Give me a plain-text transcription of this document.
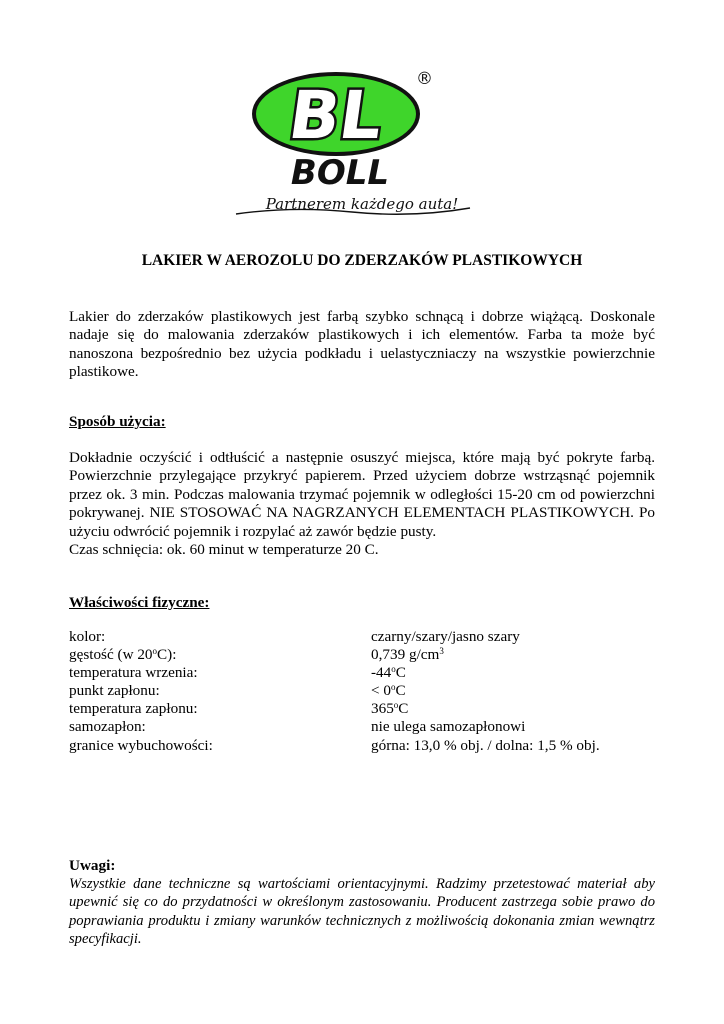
BL ®
BOLL
Partnerem każdego auta!
LAKIER W AEROZOLU DO ZDERZAKÓW PLASTIKOWYCH
Lakier do zderzaków plastikowych jest farbą szybko schnącą i dobrze wiążącą. Doskonale nadaje się do malowania zderzaków plastikowych i ich elementów. Farba ta może być nanoszona bezpośrednio bez użycia podkładu i uelastyczniaczy na wszystkie powierzchnie plastikowe.
Sposób użycia:
Dokładnie oczyścić i odtłuścić a następnie osuszyć miejsca, które mają być pokryte farbą. Powierzchnie przylegające przykryć papierem. Przed użyciem dobrze wstrząsnąć pojemnik przez ok. 3 min. Podczas malowania trzymać pojemnik w odległości 15-20 cm od powierzchni pokrywanej. NIE STOSOWAĆ NA NAGRZANYCH ELEMENTACH PLASTIKOWYCH. Po użyciu odwrócić pojemnik i rozpylać aż zawór będzie pusty.
Czas schnięcia: ok. 60 minut w temperaturze 20 C.
Właściwości fizyczne:
kolor:	czarny/szary/jasno szary
gęstość (w 20$^o$C):	0,739 $g/cm^3$
temperatura wrzenia:	-44$^o$C
punkt zapłonu:	< $0^oC$
temperatura zapłonu:	365$^o$C
samozapłon:	nie ulega samozapłonowi
granice wybuchowości:	górna: 13,0 % obj. / dolna: 1,5 % obj.
Uwagi:
Wszystkie dane techniczne są wartościami orientacyjnymi. Radzimy przetestować materiał aby upewnić się co do przydatności w określonym zastosowaniu. Producent zastrzega sobie prawo do poprawiania produktu i zmiany warunków technicznych z możliwością dokonania zmian wewnątrz specyfikacji.
